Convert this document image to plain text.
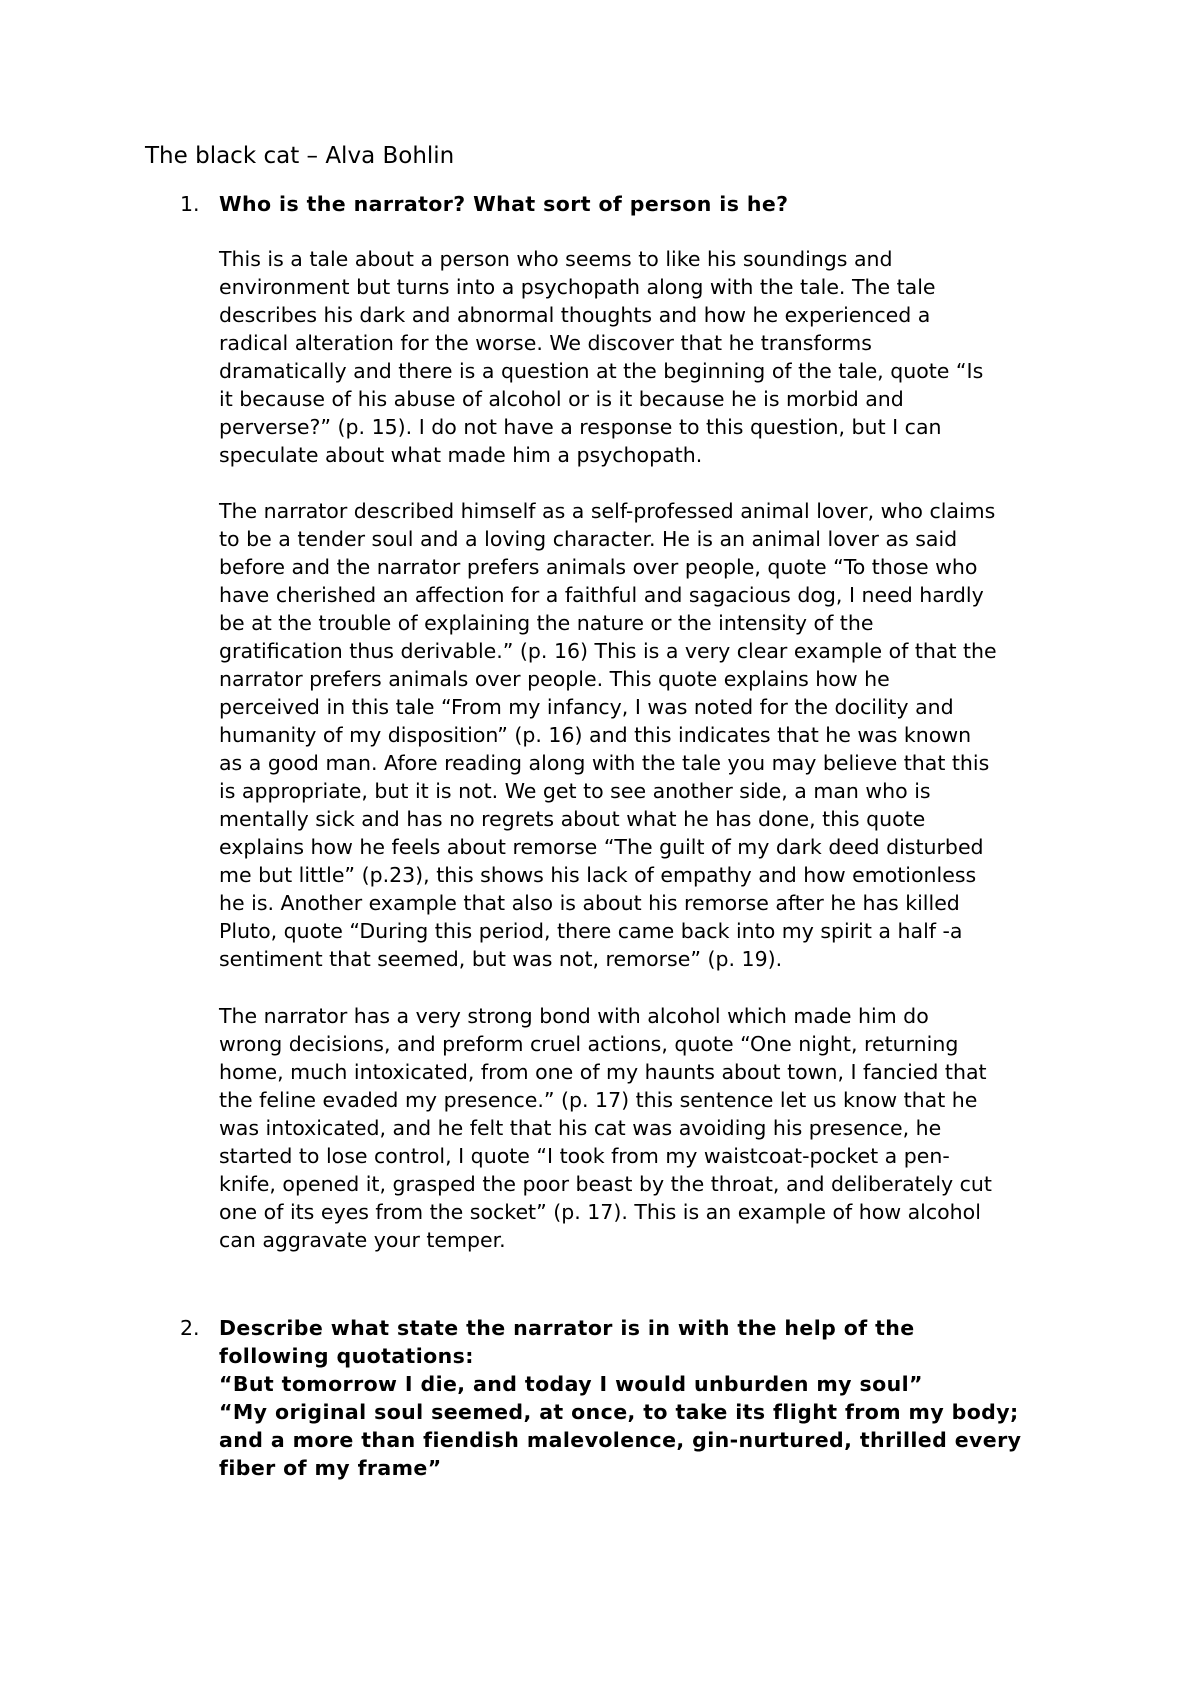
The black cat – Alva Bohlin
1. Who is the narrator? What sort of person is he?
This is a tale about a person who seems to like his soundings and
environment but turns into a psychopath along with the tale. The tale
describes his dark and abnormal thoughts and how he experienced a
radical alteration for the worse. We discover that he transforms
dramatically and there is a question at the beginning of the tale, quote “Is
it because of his abuse of alcohol or is it because he is morbid and
perverse?” (p. 15). I do not have a response to this question, but I can
speculate about what made him a psychopath.
The narrator described himself as a self-professed animal lover, who claims
to be a tender soul and a loving character. He is an animal lover as said
before and the narrator prefers animals over people, quote “To those who
have cherished an affection for a faithful and sagacious dog, I need hardly
be at the trouble of explaining the nature or the intensity of the
gratification thus derivable.” (p. 16) This is a very clear example of that the
narrator prefers animals over people. This quote explains how he
perceived in this tale “From my infancy, I was noted for the docility and
humanity of my disposition” (p. 16) and this indicates that he was known
as a good man. Afore reading along with the tale you may believe that this
is appropriate, but it is not. We get to see another side, a man who is
mentally sick and has no regrets about what he has done, this quote
explains how he feels about remorse “The guilt of my dark deed disturbed
me but little” (p.23), this shows his lack of empathy and how emotionless
he is. Another example that also is about his remorse after he has killed
Pluto, quote “During this period, there came back into my spirit a half -a
sentiment that seemed, but was not, remorse” (p. 19).
The narrator has a very strong bond with alcohol which made him do
wrong decisions, and preform cruel actions, quote “One night, returning
home, much intoxicated, from one of my haunts about town, I fancied that
the feline evaded my presence.” (p. 17) this sentence let us know that he
was intoxicated, and he felt that his cat was avoiding his presence, he
started to lose control, I quote “I took from my waistcoat-pocket a pen-
knife, opened it, grasped the poor beast by the throat, and deliberately cut
one of its eyes from the socket” (p. 17). This is an example of how alcohol
can aggravate your temper.
2. Describe what state the narrator is in with the help of the
following quotations:
“But tomorrow I die, and today I would unburden my soul”
“My original soul seemed, at once, to take its flight from my body;
and a more than fiendish malevolence, gin-nurtured, thrilled every
fiber of my frame”
